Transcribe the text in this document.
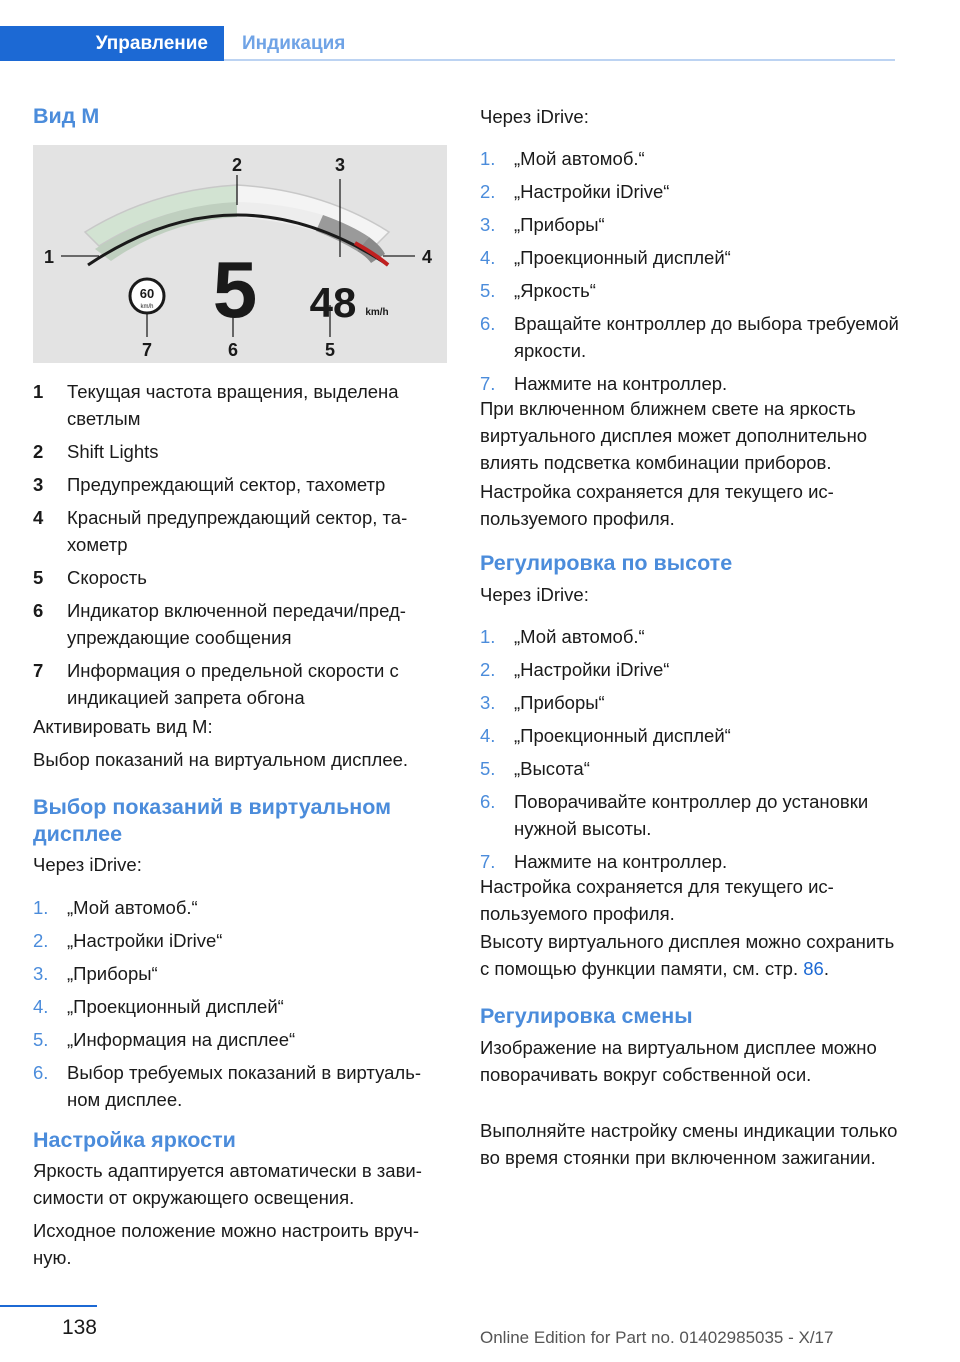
Управление	Индикация
Вид M
60
km/h 5 48 km/h
1
2	3
4
5
6
7
1 Текущая частота вращения, выделена светлым
2 Shift Lights
3 Предупреждающий сектор, тахометр
4 Красный предупреждающий сектор, тахометр
5 Скорость
6 Индикатор включенной передачи/предупреждающие сообщения
7 Информация о предельной скорости с индикацией запрета обгона
Активировать вид M:
Выбор показаний на виртуальном дисплее.
Выбор показаний в виртуальном дисплее
Через iDrive:
1. „Мой автомоб.“
2. „Настройки iDrive“
3. „Приборы“
4. „Проекционный дисплей“
5. „Информация на дисплее“
6. Выбор требуемых показаний в виртуальном дисплее.
Настройка яркости
Яркость адаптируется автоматически в зависимости от окружающего освещения.
Исходное положение можно настроить вручную.
Через iDrive:
1. „Мой автомоб.“
2. „Настройки iDrive“
3. „Приборы“
4. „Проекционный дисплей“
5. „Яркость“
6. Вращайте контроллер до выбора требуемой яркости.
7. Нажмите на контроллер.
При включенном ближнем свете на яркость виртуального дисплея может дополнительно влиять подсветка комбинации приборов.
Настройка сохраняется для текущего используемого профиля.
Регулировка по высоте
Через iDrive:
1. „Мой автомоб.“
2. „Настройки iDrive“
3. „Приборы“
4. „Проекционный дисплей“
5. „Высота“
6. Поворачивайте контроллер до установки нужной высоты.
7. Нажмите на контроллер.
Настройка сохраняется для текущего используемого профиля.
Высоту виртуального дисплея можно сохранить с помощью функции памяти, см. стр. 86.
Регулировка смены
Изображение на виртуальном дисплее можно поворачивать вокруг собственной оси.
Выполняйте настройку смены индикации только во время стоянки при включенном зажигании.
138	Online Edition for Part no. 01402985035 - X/17
